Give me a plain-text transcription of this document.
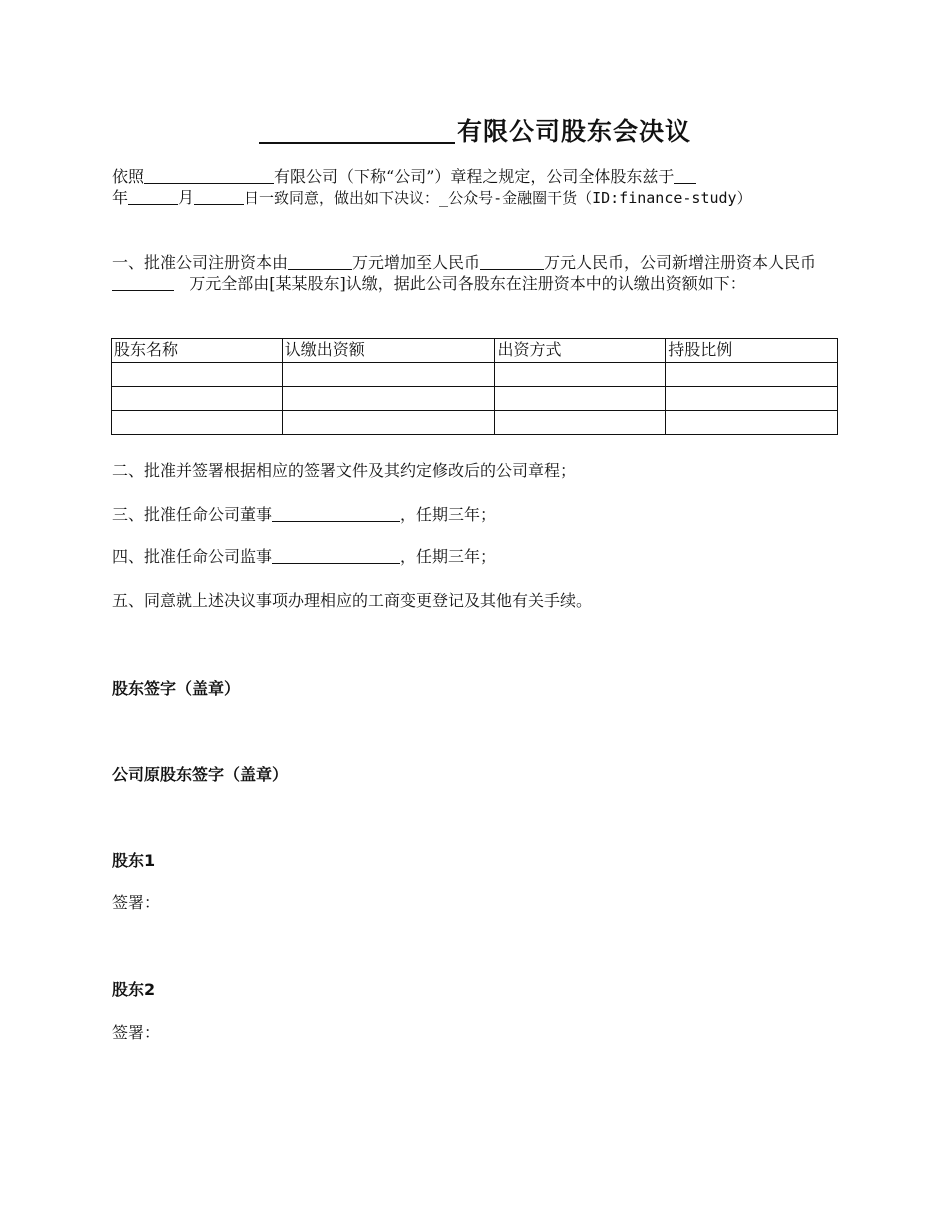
有限公司股东会决议
依照	有限公司（下称“公司”）章程之规定，公司全体股东兹于
年	月	日一致同意，做出如下决议：_公众号-金融圈干货（ID:finance-study）
一、批准公司注册资本由	万元增加至人民币	万元人民币，公司新增注册资本人民币   万元全部由[某某股东]认缴，据此公司各股东在注册资本中的认缴出资额如下：
股东名称	认缴出资额	出资方式	持股比例

二、批准并签署根据相应的签署文件及其约定修改后的公司章程；
三、批准任命公司董事	，任期三年；
四、批准任命公司监事	，任期三年；
五、同意就上述决议事项办理相应的工商变更登记及其他有关手续。
股东签字（盖章）
公司原股东签字（盖章）
股东1
签署：
股东2
签署：
